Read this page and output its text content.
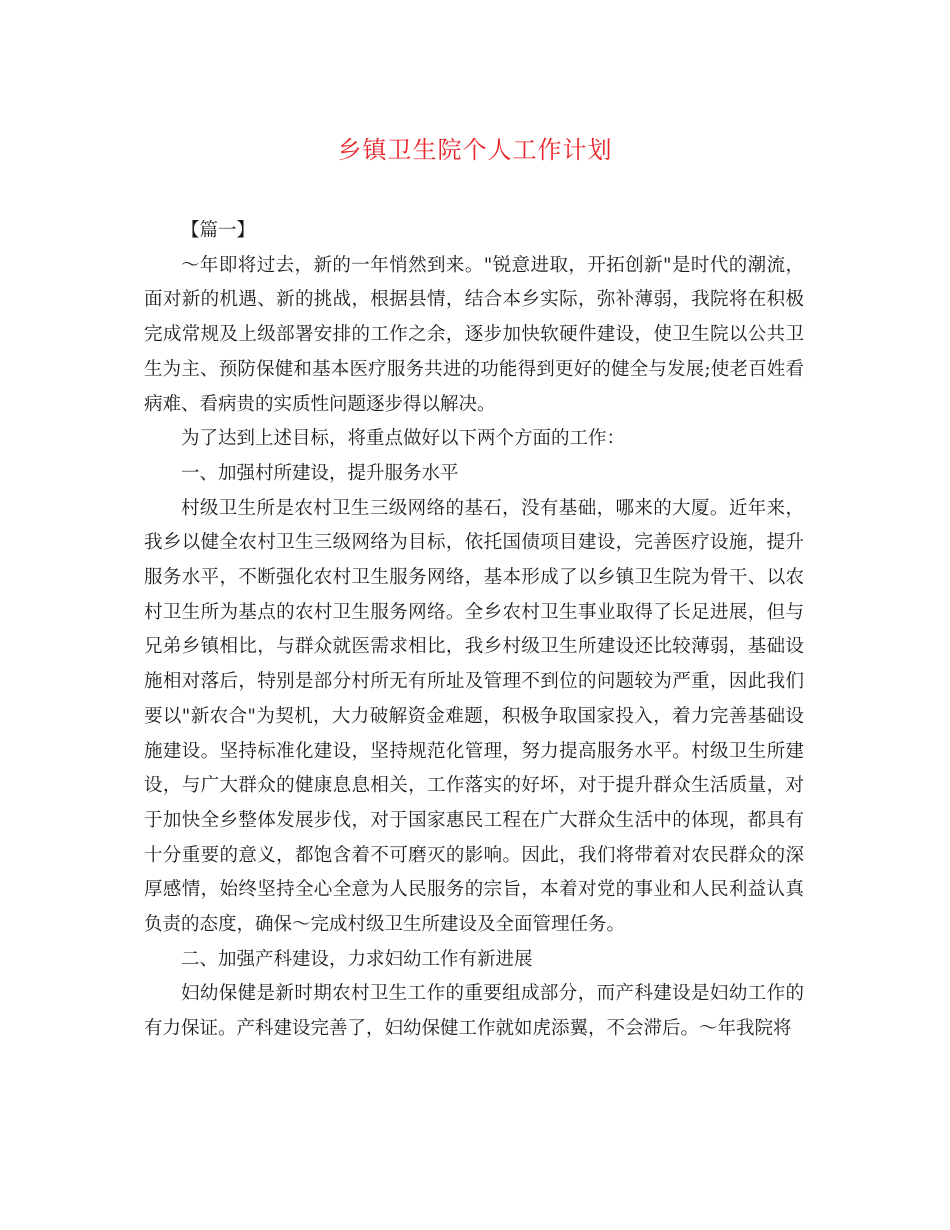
乡镇卫生院个人工作计划

【篇一】

～年即将过去，新的一年悄然到来。"锐意进取，开拓创新"是时代的潮流，面对新的机遇、新的挑战，根据县情，结合本乡实际，弥补薄弱，我院将在积极完成常规及上级部署安排的工作之余，逐步加快软硬件建设，使卫生院以公共卫生为主、预防保健和基本医疗服务共进的功能得到更好的健全与发展;使老百姓看病难、看病贵的实质性问题逐步得以解决。

为了达到上述目标，将重点做好以下两个方面的工作：

一、加强村所建设，提升服务水平

村级卫生所是农村卫生三级网络的基石，没有基础，哪来的大厦。近年来，我乡以健全农村卫生三级网络为目标，依托国债项目建设，完善医疗设施，提升服务水平，不断强化农村卫生服务网络，基本形成了以乡镇卫生院为骨干、以农村卫生所为基点的农村卫生服务网络。全乡农村卫生事业取得了长足进展，但与兄弟乡镇相比，与群众就医需求相比，我乡村级卫生所建设还比较薄弱，基础设施相对落后，特别是部分村所无有所址及管理不到位的问题较为严重，因此我们要以"新农合"为契机，大力破解资金难题，积极争取国家投入，着力完善基础设施建设。坚持标准化建设，坚持规范化管理，努力提高服务水平。村级卫生所建设，与广大群众的健康息息相关，工作落实的好坏，对于提升群众生活质量，对于加快全乡整体发展步伐，对于国家惠民工程在广大群众生活中的体现，都具有十分重要的意义，都饱含着不可磨灭的影响。因此，我们将带着对农民群众的深厚感情，始终坚持全心全意为人民服务的宗旨，本着对党的事业和人民利益认真负责的态度，确保～完成村级卫生所建设及全面管理任务。

二、加强产科建设，力求妇幼工作有新进展

妇幼保健是新时期农村卫生工作的重要组成部分，而产科建设是妇幼工作的有力保证。产科建设完善了，妇幼保健工作就如虎添翼，不会滞后。～年我院将
